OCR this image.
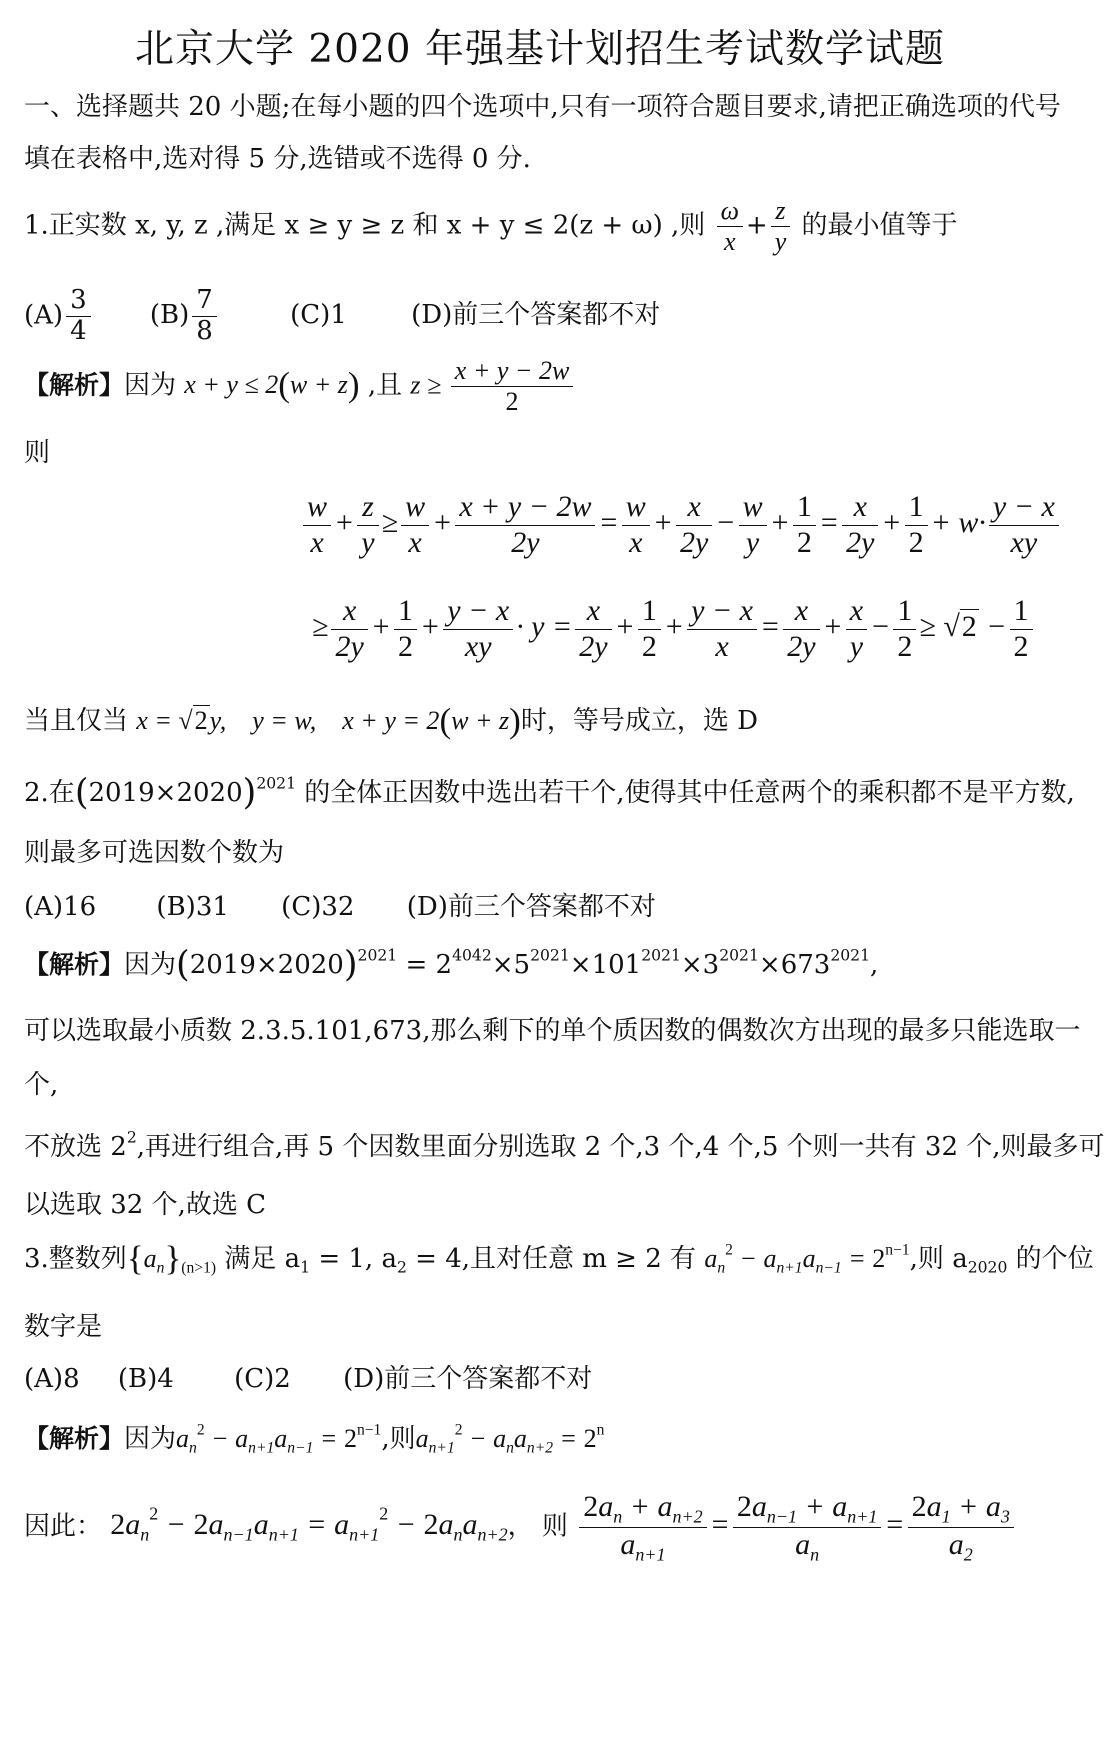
北京大学 2020 年强基计划招生考试数学试题
一、选择题共 20 小题;在每小题的四个选项中,只有一项符合题目要求,请把正确选项的代号
填在表格中,选对得 5 分,选错或不选得 0 分.
1.正实数 x, y, z ,满足 x ≥ y ≥ z 和 x + y ≤ 2(z + ω) ,则 $\frac{\omega}{x} + \frac{z}{y}$ 的最小值等于
$(A) \frac{3}{4} (B) \frac{7}{8}$	(C)1 (D)前三个答案都不对
【解析】因为 x + y ≤ 2(w + z) ,且 $z \ge \frac{x + y - 2w}{2}$
则
$\frac{w}{x} + \frac{z}{y} \ge \frac{w}{x} + \frac{x + y - 2w}{2y} = \frac{w}{x} + \frac{x}{2y} - \frac{w}{y} + \frac{1}{2} = \frac{x}{2y} + \frac{1}{2} + w\cdot \frac{y - x}{xy}$
≥ $\frac{x}{2y} + \frac{1}{2} + \frac{y - x}{xy} \cdot y = \frac{x}{2y} + \frac{1}{2} + \frac{y - x}{x} = \frac{x}{2y} + \frac{x}{y} - \frac{1}{2} \ge √2 - \frac{1}{2}$
当且仅当 x = √2y,    y = w,    x + y = 2(w + z)时，等号成立，选 D
2.在$(2019\times 2020)^{2021}$ 的全体正因数中选出若干个,使得其中任意两个的乘积都不是平方数,
则最多可选因数个数为
(A)16 (B)31 (C)32 (D)前三个答案都不对
【解析】因为$(2019\times 2020)^{2021} = 2^{4042}\times 5^{2021}\times 101^{2021}\times 3^{2021}\times 673^{2021}$,
可以选取最小质数 2.3.5.101,673,那么剩下的单个质因数的偶数次方出现的最多只能选取一
个,
不放选 $2^2$,再进行组合,再 5 个因数里面分别选取 2 个,3 个,4 个,5 个则一共有 32 个,则最多可
以选取 32 个,故选 C
3.整数列$\{a_n\}_{(n>1)}$ 满足 $a_1 = 1$, $a_2 = 4$,且对任意 m ≥ 2 有 $a_n^2 - a_{n+1}a_{n-1} = 2^{n-1}$,则 $a_{2020}$ 的个位
数字是
(A)8 (B)4 (C)2 (D)前三个答案都不对
【解析】因为$a_n^2 - a_{n+1}a_{n-1} = 2^{n-1}$,则$a_{n+1}^2 - a_na_{n+2} = 2^n$
因此： $2a_n^2 - 2a_{n-1}a_{n+1} = a_{n+1}^2 - 2a_na_{n+2}$， 则 $\frac{2a_n + a_{n+2}}{a_{n+1}} = \frac{2a_{n-1} + a_{n+1}}{a_n} = \frac{2a_1 + a_3}{a_2}$
